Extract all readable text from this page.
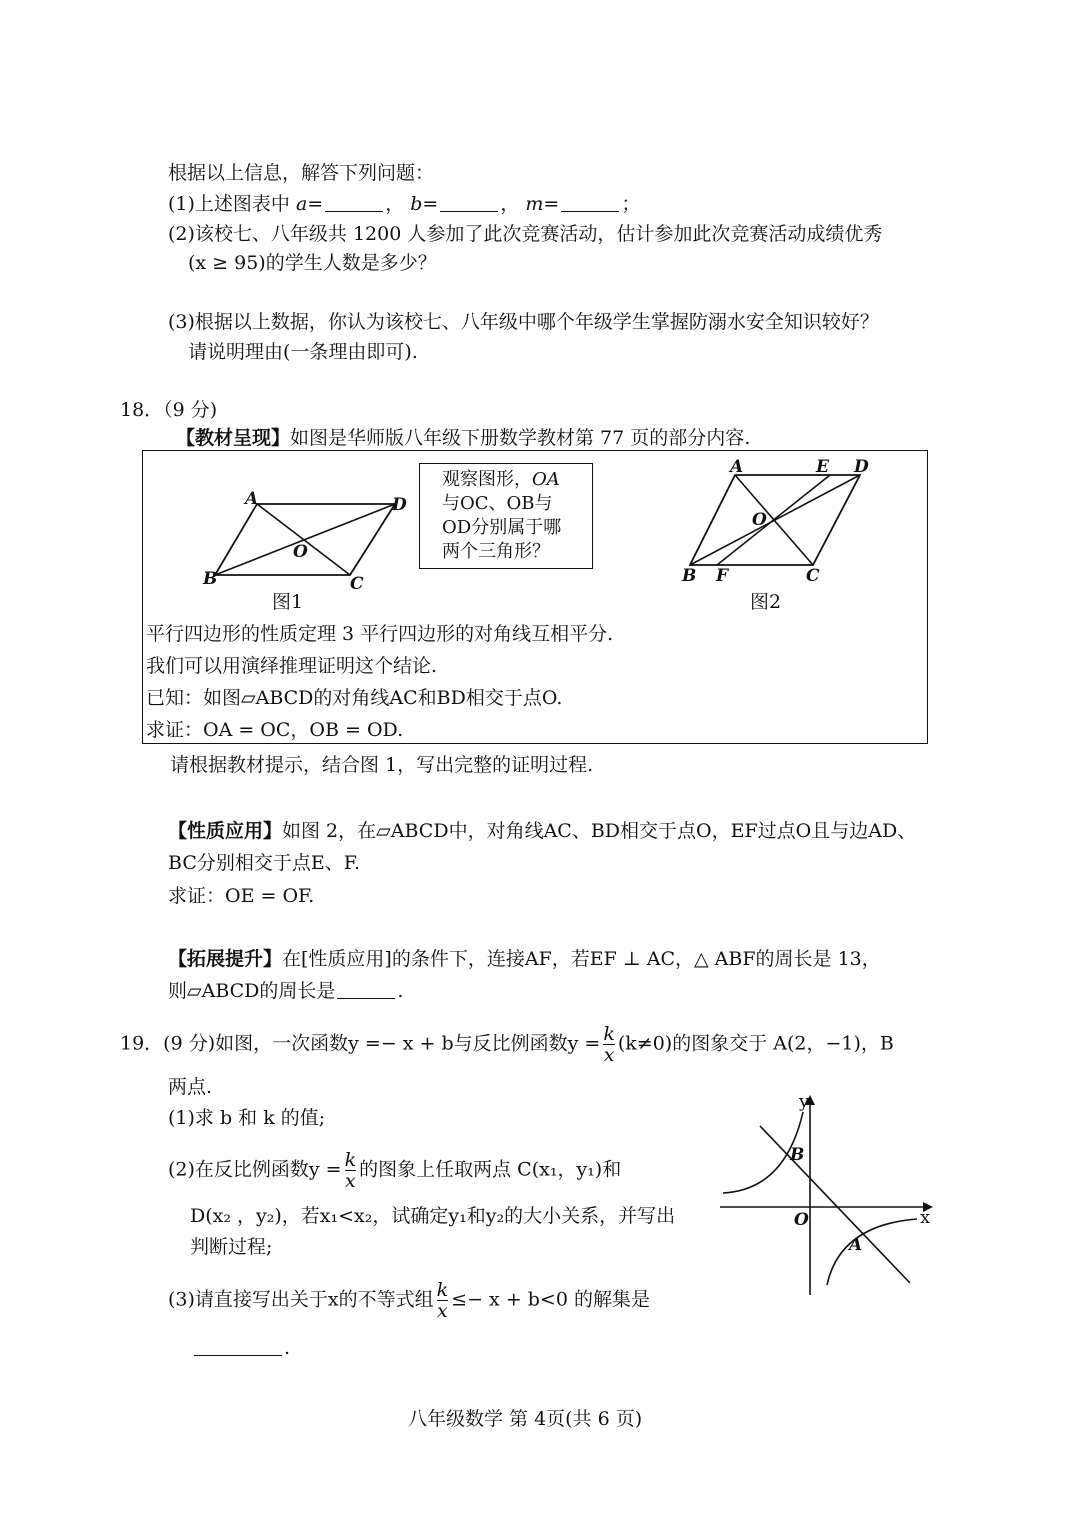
根据以上信息，解答下列问题：
(1)上述图表中 a=	， b=	， m=	；
(2)该校七、八年级共 1200 人参加了此次竞赛活动，估计参加此次竞赛活动成绩优秀
(x ≥ 95)的学生人数是多少？
(3)根据以上数据，你认为该校七、八年级中哪个年级学生掌握防溺水安全知识较好？
请说明理由(一条理由即可).
18．（9 分)
【教材呈现】如图是华师版八年级下册数学教材第 77 页的部分内容.
A	D
B	C
O
图1
观察图形，OA
与OC、OB与
OD分别属于哪
两个三角形？
A	E D
O
B F	C
图2
平行四边形的性质定理 3 平行四边形的对角线互相平分.
我们可以用演绎推理证明这个结论.
已知：如图▱ABCD的对角线AC和BD相交于点O.
求证：OA = OC，OB = OD.
请根据教材提示，结合图 1，写出完整的证明过程.
【性质应用】如图 2，在▱ABCD中，对角线AC、BD相交于点O，EF过点O且与边AD、
BC分别相交于点E、F.
求证：OE = OF.
【拓展提升】在[性质应用]的条件下，连接AF，若EF ⊥ AC，△ ABF的周长是 13，
则▱ABCD的周长是	.
19．(9 分)如图，一次函数y =− x + b与反比例函数$y = \frac{k}{x} (k\ne 0)$的图象交于 A(2，−1)，B
两点.
(1)求 b 和 k 的值;
(2)在反比例函数$y = \frac{k}{x}$ 的图象上任取两点 C(x₁，y₁)和
D(x₂ ，y₂)，若x₁<x₂，试确定y₁和y₂的大小关系，并写出
判断过程;
(3)请直接写出关于x的不等式组 $\frac{k}{x} \le- x + b<0$ 的解集是
.
y
x
O
B
A
八年级数学 第 4页(共 6 页)
